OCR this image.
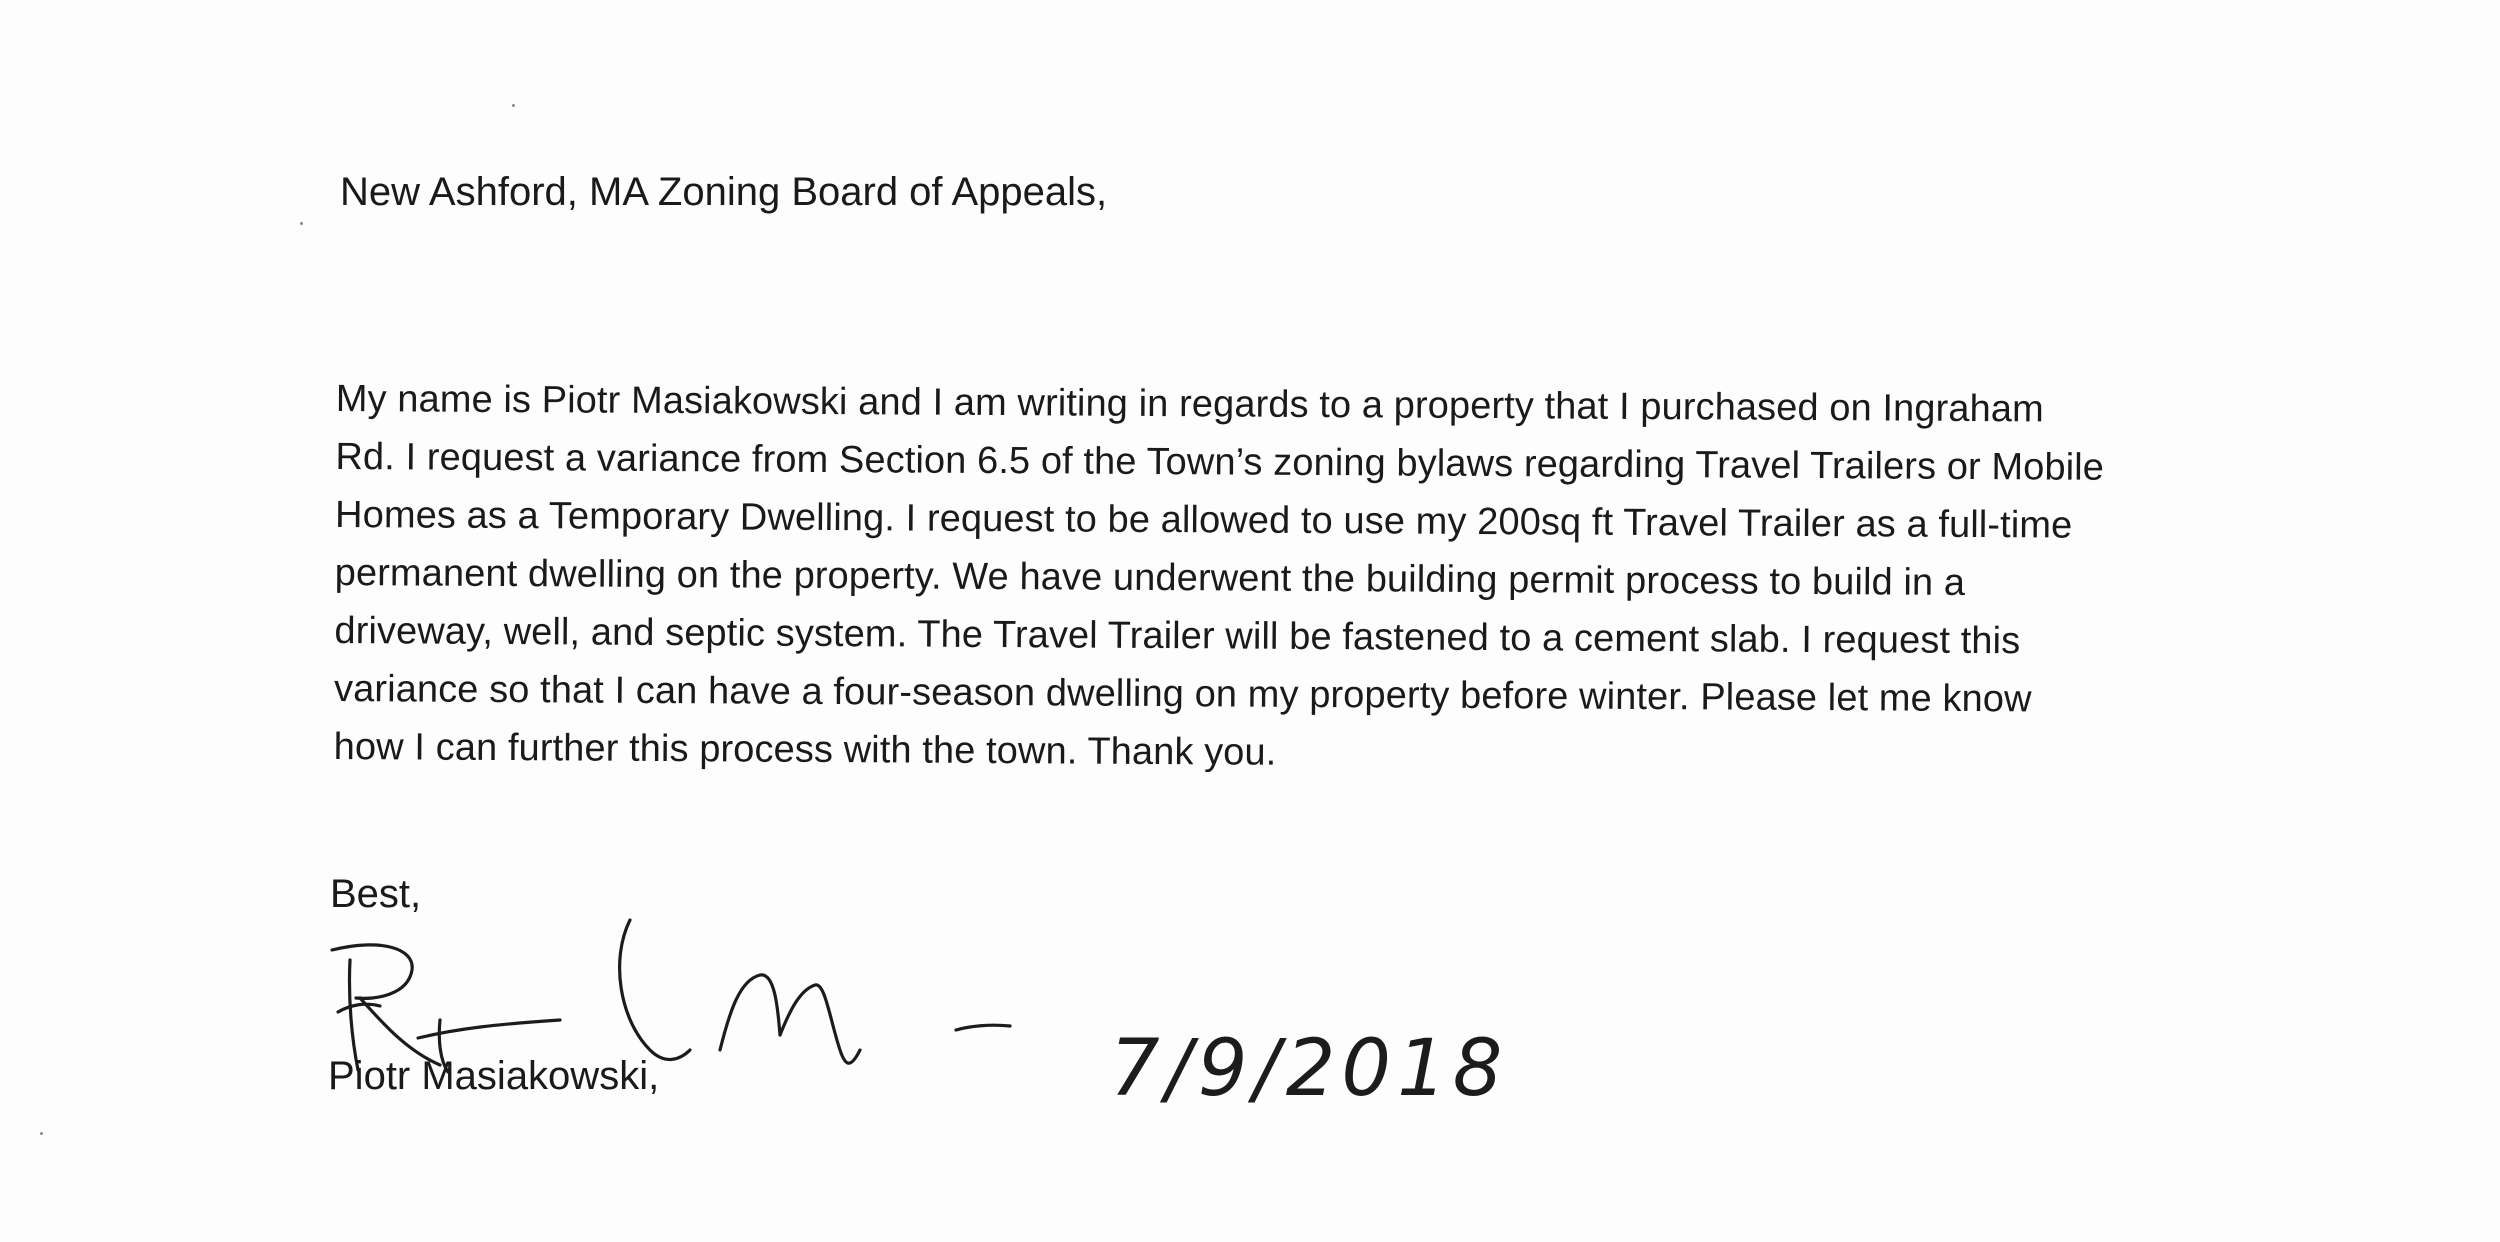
New Ashford, MA Zoning Board of Appeals,

My name is Piotr Masiakowski and I am writing in regards to a property that I purchased on Ingraham
Rd. I request a variance from Section 6.5 of the Town’s zoning bylaws regarding Travel Trailers or Mobile
Homes as a Temporary Dwelling. I request to be allowed to use my 200sq ft Travel Trailer as a full-time
permanent dwelling on the property. We have underwent the building permit process to build in a
driveway, well, and septic system. The Travel Trailer will be fastened to a cement slab. I request this
variance so that I can have a four-season dwelling on my property before winter. Please let me know
how I can further this process with the town. Thank you.

Best,

Piotr Masiakowski,	7/9/2018
